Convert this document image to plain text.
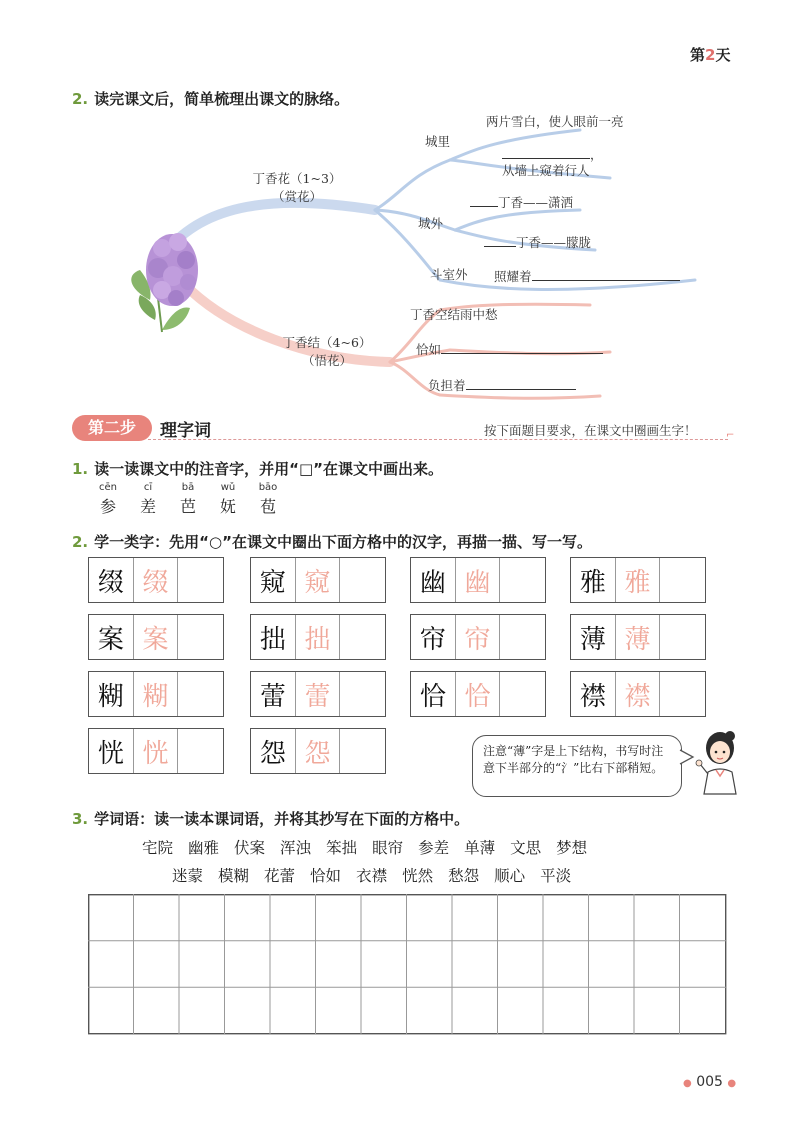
第2天
2. 读完课文后，简单梳理出课文的脉络。
丁香花（1~3）
（赏花）
丁香结（4~6）
（悟花）
城里
两片雪白，使人眼前一亮
，
从墙上窥着行人
城外
丁香——潇洒
丁香——朦胧
斗室外 照耀着
丁香空结雨中愁
恰如
负担着
第二步	理字词	按下面题目要求，在课文中圈画生字！	⌐
1. 读一读课文中的注音字，并用“□”在课文中画出来。
cēn
参
cī
差
bā
芭
wǔ
妩
bāo
苞
2. 学一类字：先用“○”在课文中圈出下面方格中的汉字，再描一描、写一写。
缀 缀	窥 窥	幽 幽	雅 雅
案 案	拙 拙	帘 帘	薄 薄
糊 糊	蕾 蕾	恰 恰	襟 襟
恍 恍	怨 怨	注意“薄”字是上下结构，书写时注意下半部分的“氵”比右下部稍短。
3. 学词语：读一读本课词语，并将其抄写在下面的方格中。
宅院 幽雅 伏案 浑浊 笨拙 眼帘 参差 单薄 文思 梦想
迷蒙 模糊 花蕾 恰如 衣襟 恍然 愁怨 顺心 平淡
● 005 ●
